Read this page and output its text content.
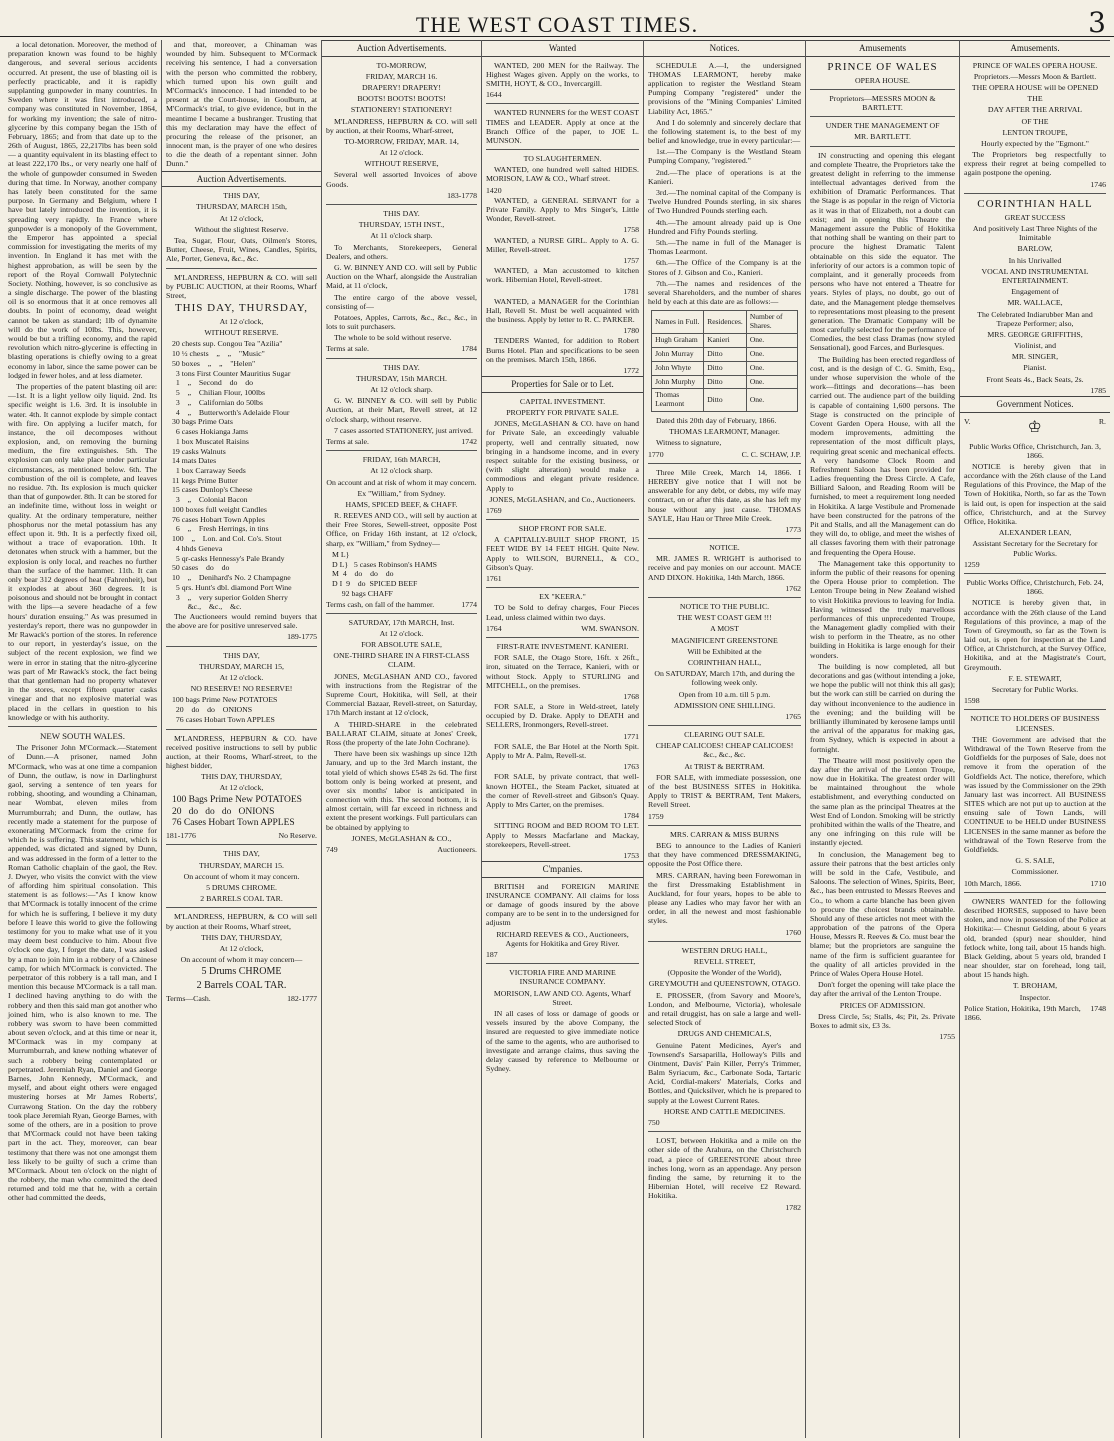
THE WEST COAST TIMES.	3

a local detonation. Moreover, the method of preparation known was found to be highly dangerous, and several serious accidents occurred. At present, the use of blasting oil is perfectly practicable, and it is rapidly supplanting gunpowder in many countries. In Sweden where it was first introduced, a company was constituted in November, 1864, for working my invention; the sale of nitro-glycerine by this company began the 15th of February, 1865; and from that date up to the 26th of August, 1865, 22,217lbs has been sold — a quantity equivalent in its blasting effect to at least 222,170 lbs., or very nearly one half of the whole of gunpowder consumed in Sweden during that time. In Norway, another company has lately been constituted for the same purpose. In Germany and Belgium, where I have but lately introduced the invention, it is spreading very rapidly. In France where gunpowder is a monopoly of the Government, the Emperor has appointed a special commission for investigating the merits of my invention. In England it has met with the highest approbation, as will be seen by the report of the Royal Cornwall Polytechnic Society. Nothing, however, is so conclusive as a single discharge. The power of the blasting oil is so enormous that it at once removes all doubts. In point of economy, dead weight cannot be taken as standard; 1lb of dynamite will do the work of 10lbs. This, however, would be but a trifling economy, and the rapid revolution which nitro-glycerine is effecting in blasting operations is chiefly owing to a great economy in labor, since the same power can be lodged in fewer holes, and at less diameter.

The properties of the patent blasting oil are:—1st. It is a light yellow oily liquid. 2nd. Its specific weight is 1.6. 3rd. It is insoluble in water. 4th. It cannot explode by simple contact with fire. On applying a lucifer match, for instance, the oil decomposes without explosion, and, on removing the burning medium, the fire extinguishes. 5th. The explosion can only take place under particular circumstances, as mentioned below. 6th. The combustion of the oil is complete, and leaves no residue. 7th. Its explosion is much quicker than that of gunpowder. 8th. It can be stored for an indefinite time, without loss in weight or quality. At the ordinary temperature, neither phosphorus nor the metal potassium has any effect upon it. 9th. It is a perfectly fixed oil, without a trace of evaporation. 10th. It detonates when struck with a hammer, but the explosion is only local, and reaches no further than the surface of the hammer. 11th. It can only bear 312 degrees of heat (Fahrenheit), but it explodes at about 360 degrees. It is poisonous and should not be brought in contact with the lips—a severe headache of a few hours' duration ensuing." As was presumed in yesterday's report, there was no gunpowder in Mr Rawack's portion of the stores. In reference to our report, in yesterday's issue, on the subject of the recent explosion, we find we were in error in stating that the nitro-glycerine was part of Mr Rawack's stock, the fact being that that gentleman had no property whatever in the stores, except fifteen quarter casks vinegar and that no explosive material was placed in the cellars in question to his knowledge or with his authority.

NEW SOUTH WALES.

The Prisoner John M'Cormack.—Statement of Dunn.—A prisoner, named John M'Cormack, who was at one time a companion of Dunn, the outlaw, is now in Darlinghurst gaol, serving a sentence of ten years for robbing, shooting, and wounding a Chinaman, near Wombat, eleven miles from Murrumburrah; and Dunn, the outlaw, has recently made a statement for the purpose of exonerating M'Cormack from the crime for which he is suffering. This statement, which is appended, was dictated and signed by Dunn, and was addressed in the form of a letter to the Roman Catholic chaplain of the gaol, the Rev. J. Dwyer, who visits the convict with the view of affording him spiritual consolation. This statement is as follows:—"As I know know that M'Cormack is totally innocent of the crime for which he is suffering, I believe it my duty before I leave this world to give the following testimony for you to make what use of it you may deem best conducive to him. About five o'clock one day, I forget the date, I was asked by a man to join him in a robbery of a Chinese camp, for which M'Cormack is convicted. The perpetrator of this robbery is a tall man, and I mention this because M'Cormack is a tall man. I declined having anything to do with the robbery and then this said man got another who joined him, who is also known to me. The robbery was sworn to have been committed about seven o'clock, and at this time or near it, M'Cormack was in my company at Murrumburrah, and knew nothing whatever of such a robbery being contemplated or perpetrated. Jeremiah Ryan, Daniel and George Barnes, John Kennedy, M'Cormack, and myself, and about eight others were engaged mustering horses at Mr James Roberts', Currawong Station. On the day the robbery took place Jeremiah Ryan, George Barnes, with some of the others, are in a position to prove that M'Cormack could not have been taking part in the act. They, moreover, can bear testimony that there was not one amongst them less likely to be guilty of such a crime than M'Cormack. About ten o'clock on the night of the robbery, the man who committed the deed returned and told me that he, with a certain other had committed the deeds,

and that, moreover, a Chinaman was wounded by him. Subsequent to M'Cormack receiving his sentence, I had a conversation with the person who committed the robbery, which turned upon his own guilt and M'Cormack's innocence. I had intended to be present at the Court-house, in Goulburn, at M'Cormack's trial, to give evidence, but in the meantime I became a bushranger. Trusting that this my declaration may have the effect of procuring the release of the prisoner, an innocent man, is the prayer of one who desires to die the death of a repentant sinner. John Dunn."

Auction Advertisements.
THIS DAY,
THURSDAY, MARCH 15th,
At 12 o'clock,
Without the slightest Reserve.

Tea, Sugar, Flour, Oats, Oilmen's Stores, Butter, Cheese, Fruit, Wines, Candles, Spirits, Ale, Porter, Geneva, &c., &c.

M'LANDRESS, HEPBURN & CO. will sell by PUBLIC AUCTION, at their Rooms, Wharf Street,

THIS DAY, THURSDAY,
At 12 o'clock,
WITHOUT RESERVE.
20 chests sup. Congou Tea "Azilia"
10 ½ chests    „    „    "Music"
50 boxes    „    „    "Helen"
3 tons First Counter Mauritius Sugar
1    „    Second    do    do
5    „    Chilian Flour, 100lbs
3    „    Californian do 50lbs
4    „    Butterworth's Adelaide Flour
30 bags Prime Oats
6 cases Hokianga Jams
1 box Muscatel Raisins
19 casks Walnuts
14 mats Dates
1 box Carraway Seeds
11 kegs Prime Butter
15 cases Dunlop's Cheese
3    „    Colonial Bacon
100 boxes full weight Candles
76 cases Hobart Town Apples
6    „    Fresh Herrings, in tins
100    „    Lon. and Col. Co's. Stout
4 hhds Geneva
5 qr-casks Hennessy's Pale Brandy
50 cases    do    do
10    „    Denihard's No. 2 Champagne
5 qrs. Hunt's dbl. diamond Port Wine
3    „    very superior Golden Sherry
&c.,    &c.,    &c.

The Auctioneers would remind buyers that the above are for positive unreserved sale.

189-1775
THIS DAY,
THURSDAY, MARCH 15,
At 12 o'clock.
NO RESERVE! NO RESERVE!
100 bags Prime New POTATOES
20    do    do    ONIONS
76 cases Hobart Town APPLES

M'LANDRESS, HEPBURN & CO. have received positive instructions to sell by public auction, at their Rooms, Wharf-street, to the highest bidder,

THIS DAY, THURSDAY,
At 12 o'clock,
100 Bags Prime New POTATOES
20   do   do   do   ONIONS
76 Cases Hobart Town APPLES
181-1776	No Reserve.
THIS DAY,
THURSDAY, MARCH 15.
On account of whom it may concern.
5 DRUMS CHROME.
2 BARRELS COAL TAR.

M'LANDRESS, HEPBURN, & CO will sell by auction at their Rooms, Wharf street,

THIS DAY, THURSDAY,
At 12 o'clock,
On account of whom it may concern—
5 Drums CHROME
2 Barrels COAL TAR.
Terms—Cash.	182-1777
Auction Advertisements.
TO-MORROW,
FRIDAY, MARCH 16.
DRAPERY! DRAPERY!
BOOTS! BOOTS! BOOTS!
STATIONERY! STATIONERY!

M'LANDRESS, HEPBURN & CO. will sell by auction, at their Rooms, Wharf-street,

TO-MORROW, FRIDAY, MAR. 14,
At 12 o'clock.
WITHOUT RESERVE,

Several well assorted Invoices of above Goods.

183-1778
THIS DAY.
THURSDAY, 15TH INST.,
At 11 o'clock sharp.

To Merchants, Storekeepers, General Dealers, and others.

G. W. BINNEY AND CO. will sell by Public Auction on the Wharf, alongside the Australian Maid, at 11 o'clock,

The entire cargo of the above vessel, consisting of—

Potatoes, Apples, Carrots, &c., &c., &c., in lots to suit purchasers.

The whole to be sold without reserve.

Terms at sale.	1784
THIS DAY.
THURSDAY, 15th MARCH.
At 12 o'clock sharp.

G. W. BINNEY & CO. will sell by Public Auction, at their Mart, Revell street, at 12 o'clock sharp, without reserve.

7 cases assorted STATIONERY, just arrived.

Terms at sale.	1742
FRIDAY, 16th MARCH,
At 12 o'clock sharp.
On account and at risk of whom it may concern.
Ex "William," from Sydney.
HAMS, SPICED BEEF, & CHAFF.

R. REEVES AND CO., will sell by auction at their Free Stores, Sewell-street, opposite Post Office, on Friday 16th instant, at 12 o'clock, sharp, ex "William," from Sydney—

M L}
D L}   5 cases Robinson's HAMS
M  4    do    do    do
D I  9    do  SPICED BEEF
92 bags CHAFF
Terms cash, on fall of the hammer.	1774
SATURDAY, 17th MARCH, Inst.
At 12 o'clock.
FOR ABSOLUTE SALE,
ONE-THIRD SHARE IN A FIRST-CLASS CLAIM.

JONES, McGLASHAN AND CO., favored with instructions from the Registrar of the Supreme Court, Hokitika, will Sell, at their Commercial Bazaar, Revell-street, on Saturday, 17th March instant at 12 o'clock,

A THIRD-SHARE in the celebrated BALLARAT CLAIM, situate at Jones' Creek, Ross (the property of the late John Cochrane).

There have been six washings up since 12th January, and up to the 3rd March instant, the total yield of which shows £548 2s 6d. The first bottom only is being worked at present, and over six months' labor is anticipated in connection with this. The second bottom, it is almost certain, will far exceed in richness and extent the present workings. Full particulars can be obtained by applying to

JONES, McGLASHAN & CO.,
749	Auctioneers.
Wanted

WANTED, 200 MEN for the Railway. The Highest Wages given. Apply on the works, to SMITH, HOYT, & CO., Invercargill.

1644

WANTED RUNNERS for the WEST COAST TIMES and LEADER. Apply at once at the Branch Office of the paper, to JOE L. MUNSON.

TO SLAUGHTERMEN.

WANTED, one hundred well salted HIDES. MORISON, LAW & CO., Wharf street.

1420

WANTED, a GENERAL SERVANT for a Private Family. Apply to Mrs Singer's, Little Wonder, Revell-street.

1758

WANTED, a NURSE GIRL. Apply to A. G. Miller, Revell-street.

1757

WANTED, a Man accustomed to kitchen work. Hibernian Hotel, Revell-street.

1781

WANTED, a MANAGER for the Corinthian Hall, Revell St. Must be well acquainted with the business. Apply by letter to R. C. PARKER.

1780

TENDERS Wanted, for addition to Robert Burns Hotel. Plan and specifications to be seen on the premises. March 15th, 1866.

1772
Properties for Sale or to Let.
CAPITAL INVESTMENT.
PROPERTY FOR PRIVATE SALE.

JONES, McGLASHAN & CO. have on hand for Private Sale, an exceedingly valuable property, well and centrally situated, now bringing in a handsome income, and in every respect suitable for the existing business, or (with slight alteration) would make a commodious and elegant private residence. Apply to

JONES, McGLASHAN, and Co., Auctioneers.
1769
SHOP FRONT FOR SALE.

A CAPITALLY-BUILT SHOP FRONT, 15 FEET WIDE BY 14 FEET HIGH. Quite New. Apply to WILSON, BURNELL, & CO., Gibson's Quay.

1761
EX "KEERA."

TO be Sold to defray charges, Four Pieces Lead, unless claimed within two days.

1764	WM. SWANSON.
FIRST-RATE INVESTMENT. KANIERI.

FOR SALE, the Otago Store, 16ft. x 26ft., iron, situated on the Terrace, Kanieri, with or without Stock. Apply to STURLING and MITCHELL, on the premises.

1768

FOR SALE, a Store in Weld-street, lately occupied by D. Drake. Apply to DEATH and SELLERS, Ironmongers, Revell-street.

1771

FOR SALE, the Bar Hotel at the North Spit. Apply to Mr A. Palm, Revell-st.

1763

FOR SALE, by private contract, that well-known HOTEL, the Steam Packet, situated at the corner of Revell-street and Gibson's Quay. Apply to Mrs Carter, on the premises.

1784

SITTING ROOM and BED ROOM TO LET. Apply to Messrs Macfarlane and Mackay, storekeepers, Revell-street.

1753
C'mpanies.

BRITISH and FOREIGN MARINE INSURANCE COMPANY. All claims for loss or damage of goods insured by the above company are to be sent in to the undersigned for adjustm

RICHARD REEVES & CO., Auctioneers, Agents for Hokitika and Grey River.
187
VICTORIA FIRE AND MARINE INSURANCE COMPANY.
MORISON, LAW AND CO. Agents, Wharf Street.

IN all cases of loss or damage of goods or vessels insured by the above Company, the insured are requested to give immediate notice of the same to the agents, who are authorised to investigate and arrange claims, thus saving the delay caused by reference to Melbourne or Sydney.

Notices.

SCHEDULE A.—I, the undersigned THOMAS LEARMONT, hereby make application to register the Westland Steam Pumping Company "registered" under the provisions of the "Mining Companies' Limited Liability Act, 1865."

And I do solemnly and sincerely declare that the following statement is, to the best of my belief and knowledge, true in every particular:—

1st.—The Company is the Westland Steam Pumping Company, "registered."

2nd.—The place of operations is at the Kanieri.

3rd.—The nominal capital of the Company is Twelve Hundred Pounds sterling, in six shares of Two Hundred Pounds sterling each.

4th.—The amount already paid up is One Hundred and Fifty Pounds sterling.

5th.—The name in full of the Manager is Thomas Learmont.

6th.—The Office of the Company is at the Stores of J. Gibson and Co., Kanieri.

7th.—The names and residences of the several Shareholders, and the number of shares held by each at this date are as follows:—

Names in Full.	Residences.	Number of Shares.
Hugh Graham	Kanieri	One.
John Murray	Ditto	One.
John Whyte	Ditto	One.
John Murphy	Ditto	One.
Thomas Learmont	Ditto	One.

Dated this 20th day of February, 1866.

THOMAS LEARMONT, Manager.

Witness to signature,

1770	C. C. SCHAW, J.P.

Three Mile Creek, March 14, 1866. I HEREBY give notice that I will not be answerable for any debt, or debts, my wife may contract, on or after this date, as she has left my house without any just cause. THOMAS SAYLE, Hau Hau or Three Mile Creek.

1773
NOTICE.

MR. JAMES R. WRIGHT is authorised to receive and pay monies on our account. MACE AND DIXON. Hokitika, 14th March, 1866.

1762
NOTICE TO THE PUBLIC.
THE WEST COAST GEM !!!
A MOST
MAGNIFICENT GREENSTONE
Will be Exhibited at the
CORINTHIAN HALL,
On SATURDAY, March 17th, and during the following week only.
Open from 10 a.m. till 5 p.m.
ADMISSION ONE SHILLING.
1765
CLEARING OUT SALE.
CHEAP CALICOES! CHEAP CALICOES! &c., &c., &c.
At TRIST & BERTRAM.

FOR SALE, with immediate possession, one of the best BUSINESS SITES in Hokitika. Apply to TRIST & BERTRAM, Tent Makers, Revell Street.

1759
MRS. CARRAN & MISS BURNS

BEG to announce to the Ladies of Kanieri that they have commenced DRESSMAKING, opposite the Post Office there.

MRS. CARRAN, having been Forewoman in the first Dressmaking Establishment in Auckland, for four years, hopes to be able to please any Ladies who may favor her with an order, in all the newest and most fashionable styles.

1760
WESTERN DRUG HALL,
REVELL STREET,
(Opposite the Wonder of the World),
GREYMOUTH and QUEENSTOWN, OTAGO.

E. PROSSER, (from Savory and Moore's, London, and Melbourne, Victoria), wholesale and retail druggist, has on sale a large and well-selected Stock of

DRUGS AND CHEMICALS,

Genuine Patent Medicines, Ayer's and Townsend's Sarsaparilla, Holloway's Pills and Ointment, Davis' Pain Killer, Perry's Trimmer, Balm Syriacum, &c., Carbonate Soda, Tartaric Acid, Cordial-makers' Materials, Corks and Bottles, and Quicksilver, which he is prepared to supply at the Lowest Current Rates.

HORSE AND CATTLE MEDICINES.
750

LOST, between Hokitika and a mile on the other side of the Arahura, on the Christchurch road, a piece of GREENSTONE about three inches long, worn as an appendage. Any person finding the same, by returning it to the Hibernian Hotel, will receive £2 Reward. Hokitika.

1782
Amusements
PRINCE OF WALES
OPERA HOUSE.
Proprietors—MESSRS MOON & BARTLETT.
UNDER THE MANAGEMENT OF
MR. BARTLETT.

IN constructing and opening this elegant and complete Theatre, the Proprietors take the greatest delight in referring to the immense intellectual advantages derived from the exhibition of Dramatic Performances. That the Stage is as popular in the reign of Victoria as it was in that of Elizabeth, not a doubt can exist; and in opening this Theatre the Management assure the Public of Hokitika that nothing shall be wanting on their part to procure the highest Dramatic Talent obtainable on this side the equator. The inferiority of our actors is a common topic of complaint, and it generally proceeds from persons who have not entered a Theatre for years. Styles of plays, no doubt, go out of date, and the Management pledge themselves to representations most pleasing to the present generation. The Dramatic Company will be most carefully selected for the performance of Comedies, the best class Dramas (now styled Sensational), good Farces, and Burlesques.

The Building has been erected regardless of cost, and is the design of C. G. Smith, Esq., under whose supervision the whole of the work—fittings and decorations—has been carried out. The audience part of the building is capable of containing 1,600 persons. The Stage is constructed on the principle of Covent Garden Opera House, with all the modern improvements, admitting the representation of the most difficult plays, requiring great scenic and mechanical effects. A very handsome Clock Room and Refreshment Saloon has been provided for Ladies frequenting the Dress Circle. A Cafe, Billiard Saloon, and Reading Room will be furnished, to meet a requirement long needed in Hokitika. A large Vestibule and Promenade have been constructed for the patrons of the Pit and Stalls, and all the Management can do they will do, to oblige, and meet the wishes of all classes favoring them with their patronage and frequenting the Opera House.

The Management take this opportunity to inform the public of their reasons for opening the Opera House prior to completion. The Lenton Troupe being in New Zealand wished to visit Hokitika previous to leaving for India. Having witnessed the truly marvellous performances of this unprecedented Troupe, the Management gladly complied with their wish to perform in the Theatre, as no other building in Hokitika is large enough for their wonders.

The building is now completed, all but decorations and gas (without intending a joke, we hope the public will not think this all gas); but the work can still be carried on during the day without inconvenience to the audience in the evening; and the building will be brilliantly illuminated by kerosene lamps until the arrival of the apparatus for making gas, from Sydney, which is expected in about a fortnight.

The Theatre will most positively open the day after the arrival of the Lenton Troupe, now due in Hokitika. The greatest order will be maintained throughout the whole establishment, and everything conducted on the same plan as the principal Theatres at the West End of London. Smoking will be strictly prohibited within the walls of the Theatre, and any one infringing on this rule will be instantly ejected.

In conclusion, the Management beg to assure their patrons that the best articles only will be sold in the Cafe, Vestibule, and Saloons. The selection of Wines, Spirits, Beer, &c., has been entrusted to Messrs Reeves and Co., to whom a carte blanche has been given to procure the choicest brands obtainable. Should any of these articles not meet with the approbation of the patrons of the Opera House, Messrs R. Reeves & Co. must bear the blame; but the proprietors are sanguine the name of the firm is sufficient guarantee for the quality of all articles provided in the Prince of Wales Opera House Hotel.

Don't forget the opening will take place the day after the arrival of the Lenton Troupe.

PRICES OF ADMISSION.

Dress Circle, 5s; Stalls, 4s; Pit, 2s. Private Boxes to admit six, £3 3s.

1755
Amusements.
PRINCE OF WALES OPERA HOUSE.
Proprietors.—Messrs Moon & Bartlett.
THE OPERA HOUSE will be OPENED
THE
DAY AFTER THE ARRIVAL
OF THE
LENTON TROUPE,
Hourly expected by the "Egmont."

The Proprietors beg respectfully to express their regret at being compelled to again postpone the opening.

1746
CORINTHIAN HALL
GREAT SUCCESS
And positively Last Three Nights of the Inimitable
BARLOW,
In his Unrivalled
VOCAL AND INSTRUMENTAL ENTERTAINMENT.
Engagement of
MR. WALLACE,
The Celebrated Indiarubber Man and Trapeze Performer; also,
MRS. GEORGE GRIFFITHS,
Violinist, and
MR. SINGER,
Pianist.
Front Seats 4s., Back Seats, 2s.
1785
Government Notices.
V.	♔	R.
Public Works Office, Christchurch, Jan. 3, 1866.

NOTICE is hereby given that in accordance with the 26th clause of the Land Regulations of this Province, the Map of the Town of Hokitika, North, so far as the Town is laid out, is open for inspection at the said office, Christchurch, and at the Survey Office, Hokitika.

ALEXANDER LEAN,
Assistant Secretary for the Secretary for Public Works.
1259
Public Works Office, Christchurch, Feb. 24, 1866.

NOTICE is hereby given that, in accordance with the 26th clause of the Land Regulations of this province, a map of the Town of Greymouth, so far as the Town is laid out, is open for inspection at the Land Office, at Christchurch, at the Survey Office, Hokitika, and at the Magistrate's Court, Greymouth.

F. E. STEWART,
Secretary for Public Works.
1598
NOTICE TO HOLDERS OF BUSINESS LICENSES.

THE Government are advised that the Withdrawal of the Town Reserve from the Goldfields for the purposes of Sale, does not remove it from the operation of the Goldfields Act. The notice, therefore, which was issued by the Commissioner on the 29th January last was incorrect. All BUSINESS SITES which are not put up to auction at the ensuing sale of Town Lands, will CONTINUE to be HELD under BUSINESS LICENSES in the same manner as before the withdrawal of the Town Reserve from the Goldfields.

G. S. SALE,
Commissioner.
10th March, 1866.	1710

OWNERS WANTED for the following described HORSES, supposed to have been stolen, and now in possession of the Police at Hokitika:— Chesnut Gelding, about 6 years old, branded (spur) near shoulder, hind fetlock white, long tail, about 15 hands high. Black Gelding, about 5 years old, branded I near shoulder, star on forehead, long tail, about 15 hands high.

T. BROHAM,
Inspector.
Police Station, Hokitika, 19th March, 1866.
1748
